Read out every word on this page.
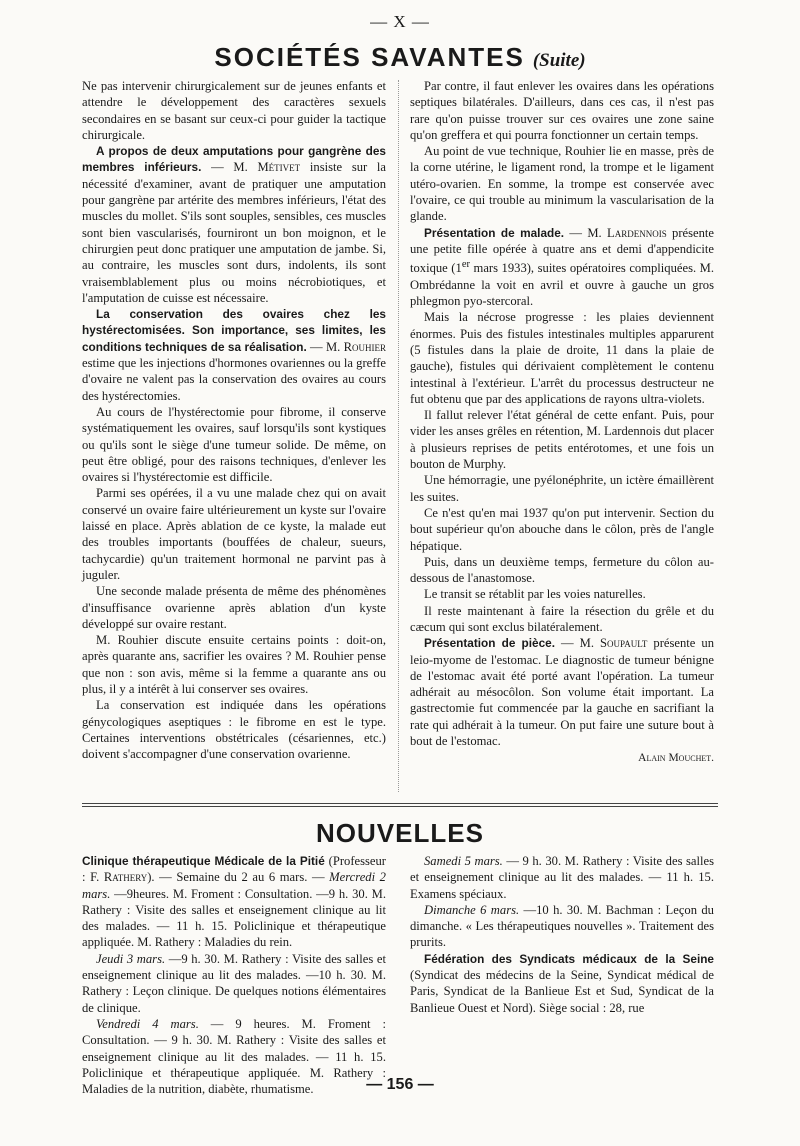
— X —
SOCIÉTÉS SAVANTES (Suite)

Ne pas intervenir chirurgicalement sur de jeunes enfants et attendre le développement des caractères sexuels secondaires en se basant sur ceux-ci pour guider la tactique chirurgicale.

A propos de deux amputations pour gangrène des membres inférieurs. — M. Métivet insiste sur la nécessité d'examiner, avant de pratiquer une amputation pour gangrène par artérite des membres inférieurs, l'état des muscles du mollet. S'ils sont souples, sensibles, ces muscles sont bien vascularisés, fourniront un bon moignon, et le chirurgien peut donc pratiquer une amputation de jambe. Si, au contraire, les muscles sont durs, indolents, ils sont vraisemblablement plus ou moins nécrobiotiques, et l'amputation de cuisse est nécessaire.

La conservation des ovaires chez les hystérectomisées. Son importance, ses limites, les conditions techniques de sa réalisation. — M. Rouhier estime que les injections d'hormones ovariennes ou la greffe d'ovaire ne valent pas la conservation des ovaires au cours des hystérectomies.

Au cours de l'hystérectomie pour fibrome, il conserve systématiquement les ovaires, sauf lorsqu'ils sont kystiques ou qu'ils sont le siège d'une tumeur solide. De même, on peut être obligé, pour des raisons techniques, d'enlever les ovaires si l'hystérectomie est difficile.

Parmi ses opérées, il a vu une malade chez qui on avait conservé un ovaire faire ultérieurement un kyste sur l'ovaire laissé en place. Après ablation de ce kyste, la malade eut des troubles importants (bouffées de chaleur, sueurs, tachycardie) qu'un traitement hormonal ne parvint pas à juguler.

Une seconde malade présenta de même des phénomènes d'insuffisance ovarienne après ablation d'un kyste développé sur ovaire restant.

M. Rouhier discute ensuite certains points : doit-on, après quarante ans, sacrifier les ovaires ? M. Rouhier pense que non : son avis, même si la femme a quarante ans ou plus, il y a intérêt à lui conserver ses ovaires.

La conservation est indiquée dans les opérations génycologiques aseptiques : le fibrome en est le type. Certaines interventions obstétricales (césariennes, etc.) doivent s'accompagner d'une conservation ovarienne.

Par contre, il faut enlever les ovaires dans les opérations septiques bilatérales. D'ailleurs, dans ces cas, il n'est pas rare qu'on puisse trouver sur ces ovaires une zone saine qu'on greffera et qui pourra fonctionner un certain temps.

Au point de vue technique, Rouhier lie en masse, près de la corne utérine, le ligament rond, la trompe et le ligament utéro-ovarien. En somme, la trompe est conservée avec l'ovaire, ce qui trouble au minimum la vascularisation de la glande.

Présentation de malade. — M. Lardennois présente une petite fille opérée à quatre ans et demi d'appendicite toxique (1er mars 1933), suites opératoires compliquées. M. Ombrédanne la voit en avril et ouvre à gauche un gros phlegmon pyo-stercoral.

Mais la nécrose progresse : les plaies deviennent énormes. Puis des fistules intestinales multiples apparurent (5 fistules dans la plaie de droite, 11 dans la plaie de gauche), fistules qui dérivaient complètement le contenu intestinal à l'extérieur. L'arrêt du processus destructeur ne fut obtenu que par des applications de rayons ultra-violets.

Il fallut relever l'état général de cette enfant. Puis, pour vider les anses grêles en rétention, M. Lardennois dut placer à plusieurs reprises de petits entérotomes, et une fois un bouton de Murphy.

Une hémorragie, une pyélonéphrite, un ictère émaillèrent les suites.

Ce n'est qu'en mai 1937 qu'on put intervenir. Section du bout supérieur qu'on abouche dans le côlon, près de l'angle hépatique.

Puis, dans un deuxième temps, fermeture du côlon au-dessous de l'anastomose.

Le transit se rétablit par les voies naturelles.

Il reste maintenant à faire la résection du grêle et du cæcum qui sont exclus bilatéralement.

Présentation de pièce. — M. Soupault présente un leio-myome de l'estomac. Le diagnostic de tumeur bénigne de l'estomac avait été porté avant l'opération. La tumeur adhérait au mésocôlon. Son volume était important. La gastrectomie fut commencée par la gauche en sacrifiant la rate qui adhérait à la tumeur. On put faire une suture bout à bout de l'estomac.

Alain Mouchet.
NOUVELLES

Clinique thérapeutique Médicale de la Pitié (Professeur : F. Rathery). — Semaine du 2 au 6 mars. — Mercredi 2 mars. —9heures. M. Froment : Consultation. —9 h. 30. M. Rathery : Visite des salles et enseignement clinique au lit des malades. — 11 h. 15. Policlinique et thérapeutique appliquée. M. Rathery : Maladies du rein.

Jeudi 3 mars. —9 h. 30. M. Rathery : Visite des salles et enseignement clinique au lit des malades. —10 h. 30. M. Rathery : Leçon clinique. De quelques notions élémentaires de clinique.

Vendredi 4 mars. — 9 heures. M. Froment : Consultation. — 9 h. 30. M. Rathery : Visite des salles et enseignement clinique au lit des malades. — 11 h. 15. Policlinique et thérapeutique appliquée. M. Rathery : Maladies de la nutrition, diabète, rhumatisme.

Samedi 5 mars. — 9 h. 30. M. Rathery : Visite des salles et enseignement clinique au lit des malades. — 11 h. 15. Examens spéciaux.

Dimanche 6 mars. —10 h. 30. M. Bachman : Leçon du dimanche. « Les thérapeutiques nouvelles ». Traitement des prurits.

Fédération des Syndicats médicaux de la Seine (Syndicat des médecins de la Seine, Syndicat médical de Paris, Syndicat de la Banlieue Est et Sud, Syndicat de la Banlieue Ouest et Nord). Siège social : 28, rue

— 156 —
